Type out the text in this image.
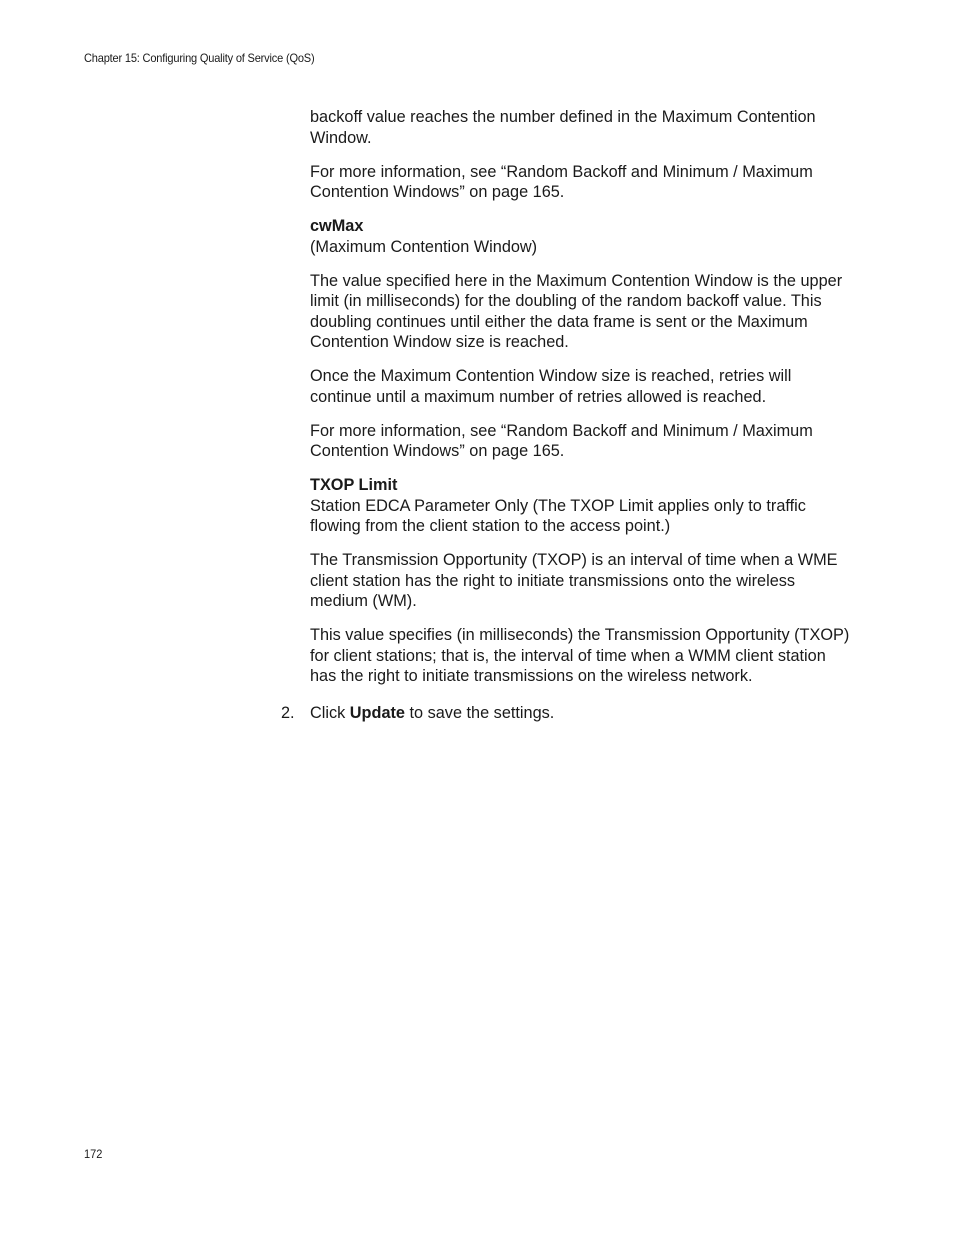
Chapter 15: Configuring Quality of Service (QoS)

backoff value reaches the number defined in the Maximum Contention Window.

For more information, see “Random Backoff and Minimum / Maximum Contention Windows” on page 165.

cwMax
(Maximum Contention Window)

The value specified here in the Maximum Contention Window is the upper limit (in milliseconds) for the doubling of the random backoff value. This doubling continues until either the data frame is sent or the Maximum Contention Window size is reached.

Once the Maximum Contention Window size is reached, retries will continue until a maximum number of retries allowed is reached.

For more information, see “Random Backoff and Minimum / Maximum Contention Windows” on page 165.

TXOP Limit
Station EDCA Parameter Only (The TXOP Limit applies only to traffic flowing from the client station to the access point.)

The Transmission Opportunity (TXOP) is an interval of time when a WME client station has the right to initiate transmissions onto the wireless medium (WM).

This value specifies (in milliseconds) the Transmission Opportunity (TXOP) for client stations; that is, the interval of time when a WMM client station has the right to initiate transmissions on the wireless network.

2. Click Update to save the settings.
172
